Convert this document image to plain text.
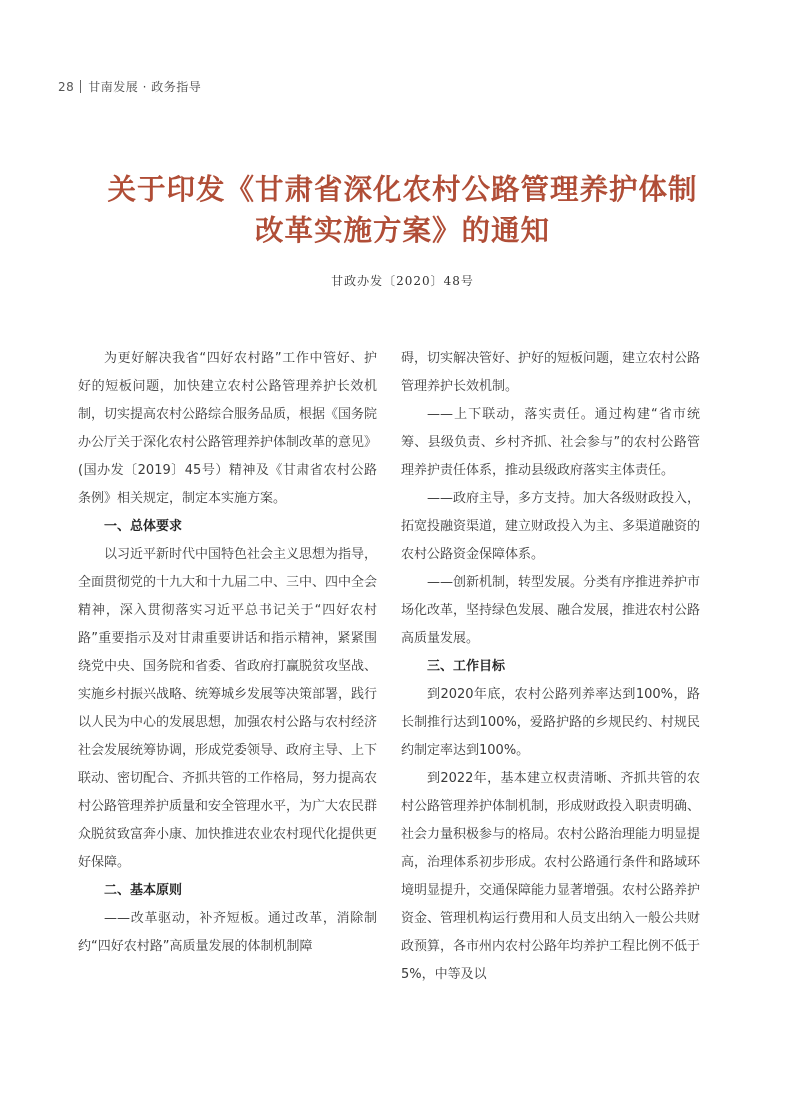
28 甘南发展 · 政务指导
关于印发《甘肃省深化农村公路管理养护体制
改革实施方案》的通知
甘政办发〔2020〕48号

为更好解决我省“四好农村路”工作中管好、护好的短板问题，加快建立农村公路管理养护长效机制，切实提高农村公路综合服务品质，根据《国务院办公厅关于深化农村公路管理养护体制改革的意见》(国办发〔2019〕45号）精神及《甘肃省农村公路条例》相关规定，制定本实施方案。

一、总体要求

以习近平新时代中国特色社会主义思想为指导，全面贯彻党的十九大和十九届二中、三中、四中全会精神，深入贯彻落实习近平总书记关于“四好农村路”重要指示及对甘肃重要讲话和指示精神，紧紧围绕党中央、国务院和省委、省政府打赢脱贫攻坚战、实施乡村振兴战略、统筹城乡发展等决策部署，践行以人民为中心的发展思想，加强农村公路与农村经济社会发展统筹协调，形成党委领导、政府主导、上下联动、密切配合、齐抓共管的工作格局，努力提高农村公路管理养护质量和安全管理水平，为广大农民群众脱贫致富奔小康、加快推进农业农村现代化提供更好保障。

二、基本原则

——改革驱动，补齐短板。通过改革，消除制约“四好农村路”高质量发展的体制机制障

碍，切实解决管好、护好的短板问题，建立农村公路管理养护长效机制。

——上下联动，落实责任。通过构建“省市统筹、县级负责、乡村齐抓、社会参与”的农村公路管理养护责任体系，推动县级政府落实主体责任。

——政府主导，多方支持。加大各级财政投入，拓宽投融资渠道，建立财政投入为主、多渠道融资的农村公路资金保障体系。

——创新机制，转型发展。分类有序推进养护市场化改革，坚持绿色发展、融合发展，推进农村公路高质量发展。

三、工作目标

到2020年底，农村公路列养率达到100%，路长制推行达到100%，爱路护路的乡规民约、村规民约制定率达到100%。

到2022年，基本建立权责清晰、齐抓共管的农村公路管理养护体制机制，形成财政投入职责明确、社会力量积极参与的格局。农村公路治理能力明显提高，治理体系初步形成。农村公路通行条件和路域环境明显提升，交通保障能力显著增强。农村公路养护资金、管理机构运行费用和人员支出纳入一般公共财政预算，各市州内农村公路年均养护工程比例不低于5%，中等及以
